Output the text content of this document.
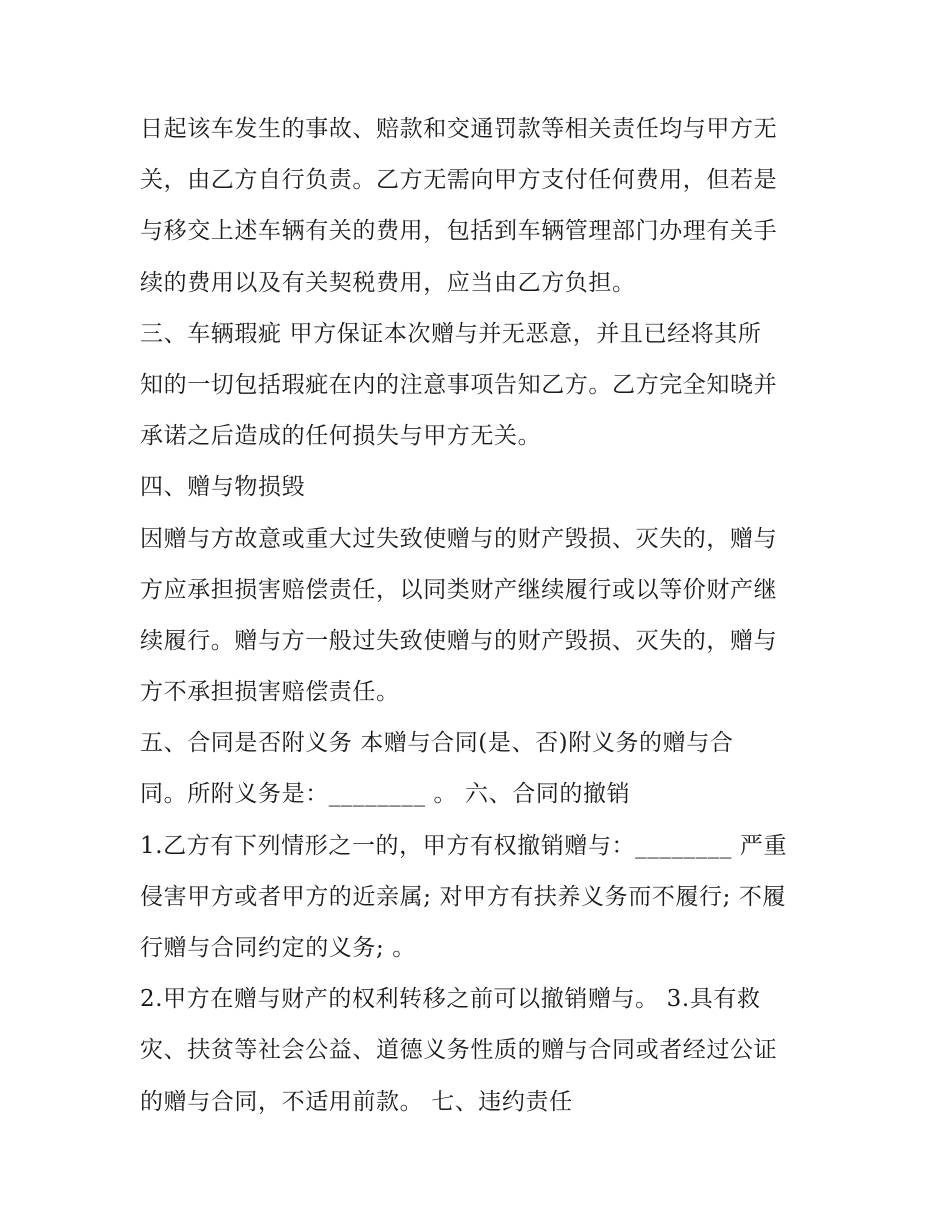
日起该车发生的事故、赔款和交通罚款等相关责任均与甲方无
关，由乙方自行负责。乙方无需向甲方支付任何费用，但若是
与移交上述车辆有关的费用，包括到车辆管理部门办理有关手
续的费用以及有关契税费用，应当由乙方负担。
三、车辆瑕疵 甲方保证本次赠与并无恶意，并且已经将其所
知的一切包括瑕疵在内的注意事项告知乙方。乙方完全知晓并
承诺之后造成的任何损失与甲方无关。
四、赠与物损毁
因赠与方故意或重大过失致使赠与的财产毁损、灭失的，赠与
方应承担损害赔偿责任，以同类财产继续履行或以等价财产继
续履行。赠与方一般过失致使赠与的财产毁损、灭失的，赠与
方不承担损害赔偿责任。
五、合同是否附义务 本赠与合同(是、否)附义务的赠与合
同。所附义务是：________ 。 六、合同的撤销
1.乙方有下列情形之一的，甲方有权撤销赠与：________ 严重
侵害甲方或者甲方的近亲属; 对甲方有扶养义务而不履行; 不履
行赠与合同约定的义务; 。
2.甲方在赠与财产的权利转移之前可以撤销赠与。 3.具有救
灾、扶贫等社会公益、道德义务性质的赠与合同或者经过公证
的赠与合同，不适用前款。 七、违约责任
